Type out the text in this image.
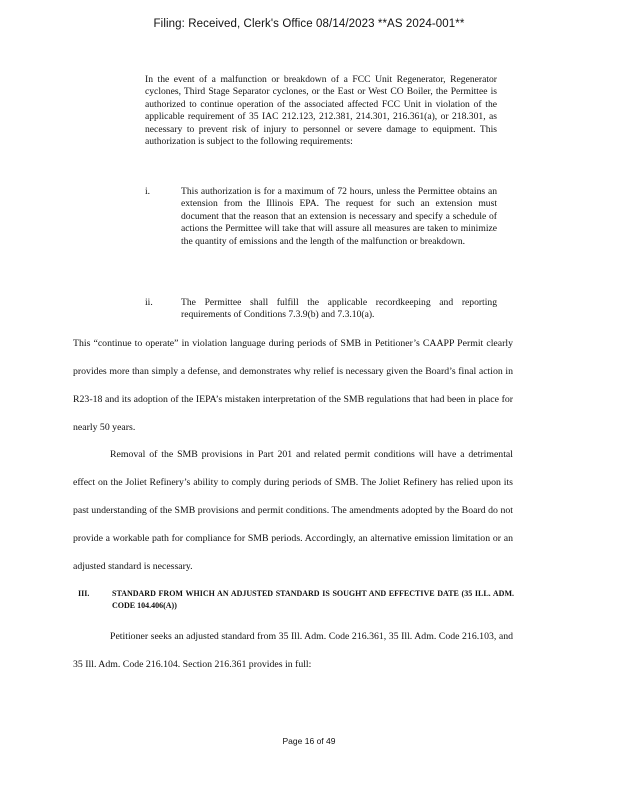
Filing: Received, Clerk's Office 08/14/2023 **AS 2024-001**
In the event of a malfunction or breakdown of a FCC Unit Regenerator, Regenerator cyclones, Third Stage Separator cyclones, or the East or West CO Boiler, the Permittee is authorized to continue operation of the associated affected FCC Unit in violation of the applicable requirement of 35 IAC 212.123, 212.381, 214.301, 216.361(a), or 218.301, as necessary to prevent risk of injury to personnel or severe damage to equipment. This authorization is subject to the following requirements:
i.	This authorization is for a maximum of 72 hours, unless the Permittee obtains an extension from the Illinois EPA. The request for such an extension must document that the reason that an extension is necessary and specify a schedule of actions the Permittee will take that will assure all measures are taken to minimize the quantity of emissions and the length of the malfunction or breakdown.
ii.	The Permittee shall fulfill the applicable recordkeeping and reporting requirements of Conditions 7.3.9(b) and 7.3.10(a).
This “continue to operate” in violation language during periods of SMB in Petitioner’s CAAPP Permit clearly provides more than simply a defense, and demonstrates why relief is necessary given the Board’s final action in R23-18 and its adoption of the IEPA’s mistaken interpretation of the SMB regulations that had been in place for nearly 50 years.
Removal of the SMB provisions in Part 201 and related permit conditions will have a detrimental effect on the Joliet Refinery’s ability to comply during periods of SMB. The Joliet Refinery has relied upon its past understanding of the SMB provisions and permit conditions. The amendments adopted by the Board do not provide a workable path for compliance for SMB periods. Accordingly, an alternative emission limitation or an adjusted standard is necessary.
III.	STANDARD FROM WHICH AN ADJUSTED STANDARD IS SOUGHT AND EFFECTIVE DATE (35 ILL. ADM. CODE 104.406(A))
Petitioner seeks an adjusted standard from 35 Ill. Adm. Code 216.361, 35 Ill. Adm. Code 216.103, and 35 Ill. Adm. Code 216.104. Section 216.361 provides in full:
Page 16 of 49
